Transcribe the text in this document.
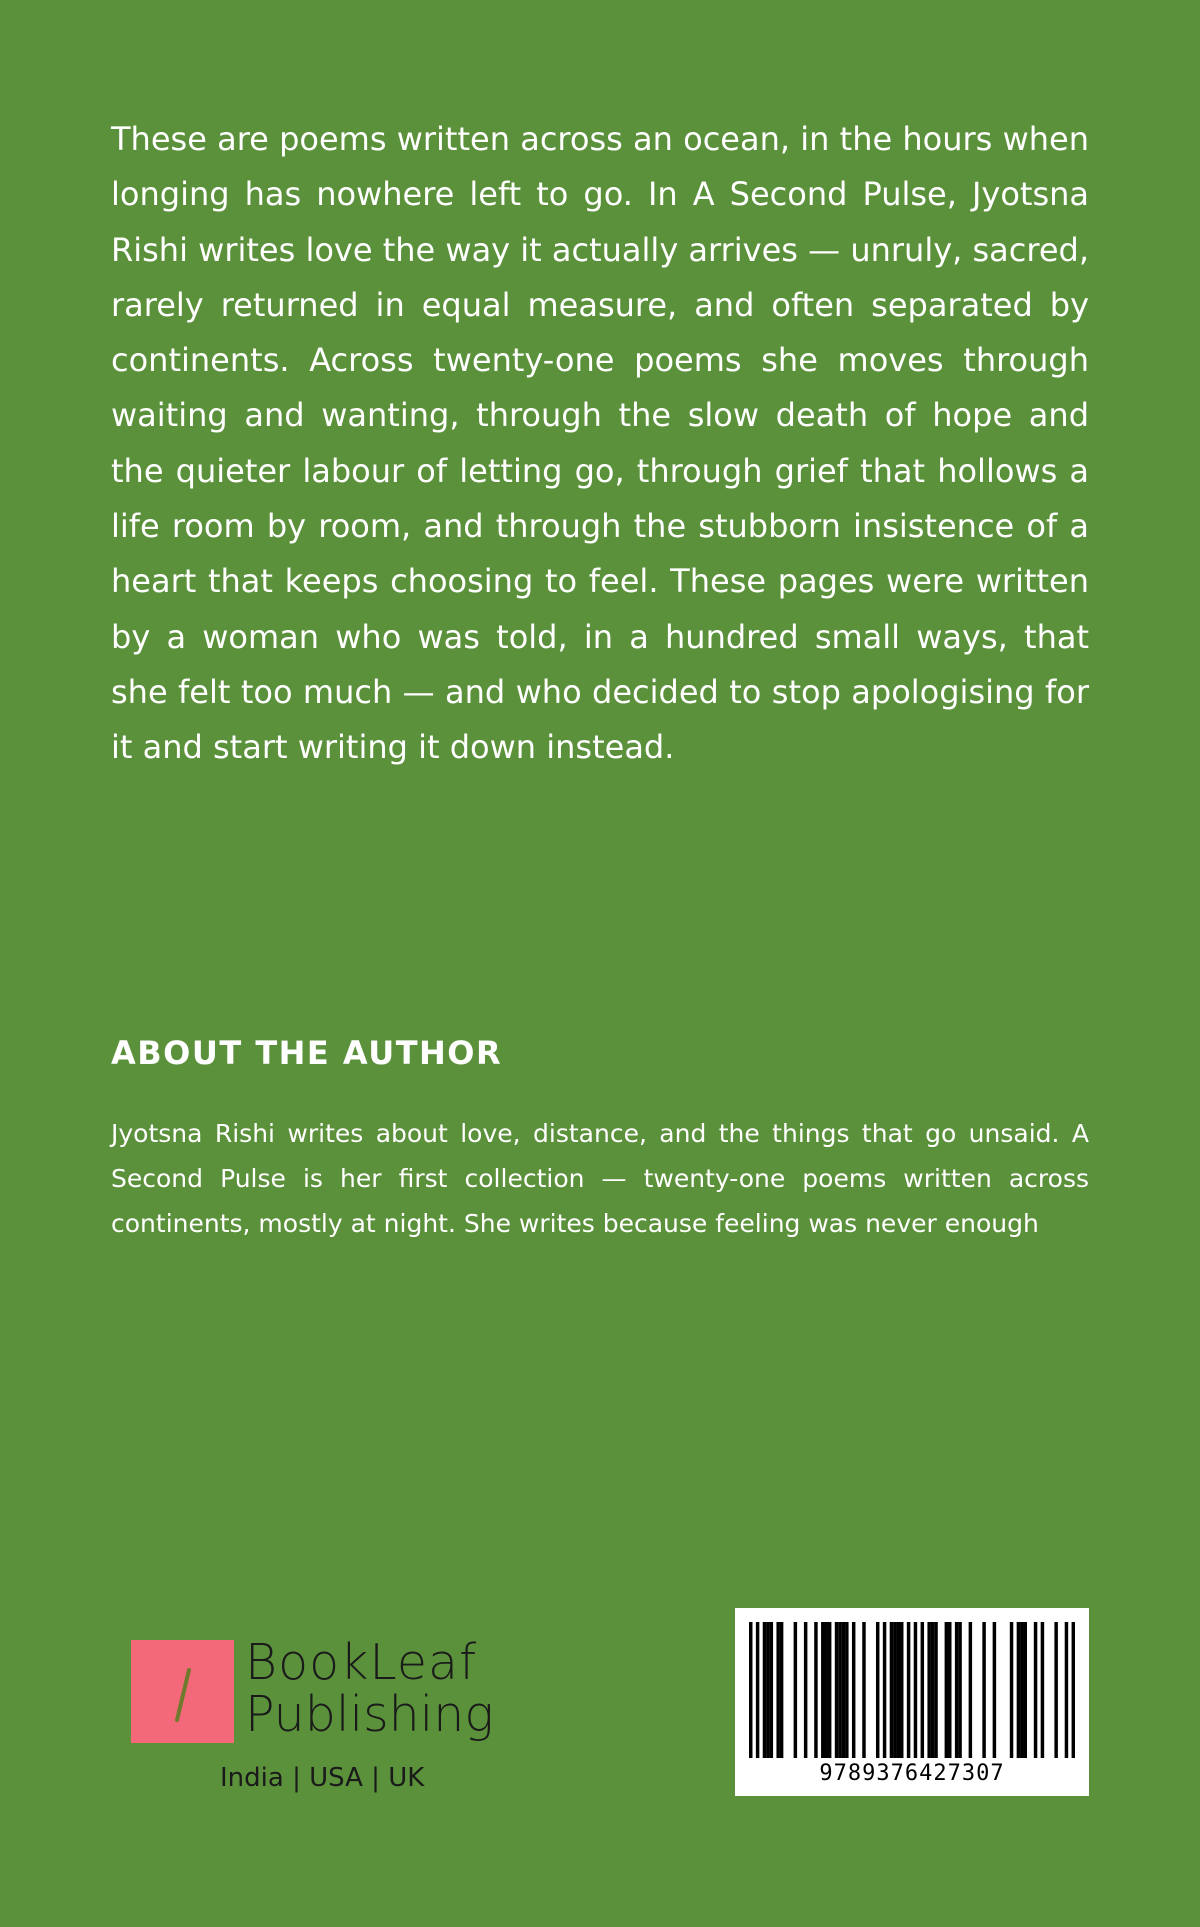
These are poems written across an ocean, in the hours when longing has nowhere left to go. In A Second Pulse, Jyotsna Rishi writes love the way it actually arrives — unruly, sacred, rarely returned in equal measure, and often separated by continents. Across twenty-one poems she moves through waiting and wanting, through the slow death of hope and the quieter labour of letting go, through grief that hollows a life room by room, and through the stubborn insistence of a heart that keeps choosing to feel. These pages were written by a woman who was told, in a hundred small ways, that she felt too much — and who decided to stop apologising for it and start writing it down instead.

ABOUT THE AUTHOR

Jyotsna Rishi writes about love, distance, and the things that go unsaid. A Second Pulse is her first collection — twenty-one poems written across continents, mostly at night. She writes because feeling was never enough

BookLeaf
Publishing
India | USA | UK	9789376427307
